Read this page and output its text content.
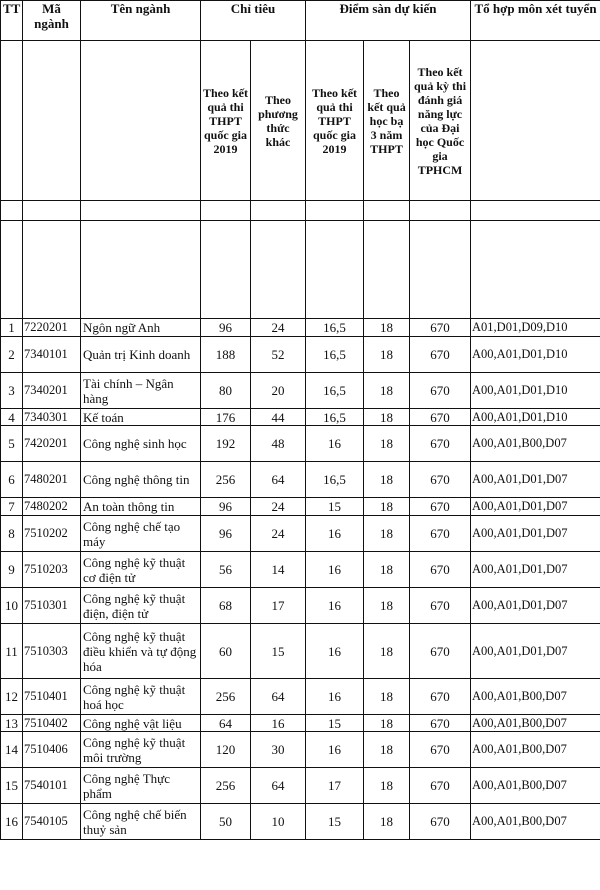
TT	Mã ngành	Tên ngành	Chỉ tiêu		Điểm sàn dự kiến			Tổ hợp môn xét tuyển
			Theo kết quả thi THPT quốc gia 2019	Theo phương thức khác	Theo kết quả thi THPT quốc gia 2019	Theo kết quả học bạ 3 năm THPT	Theo kết quả kỳ thi đánh giá năng lực của Đại học Quốc gia TPHCM	

1	7220201	Ngôn ngữ Anh	96	24	16,5	18	670	A01,D01,D09,D10
2	7340101	Quản trị Kinh doanh	188	52	16,5	18	670	A00,A01,D01,D10
3	7340201	Tài chính – Ngân hàng	80	20	16,5	18	670	A00,A01,D01,D10
4	7340301	Kế toán	176	44	16,5	18	670	A00,A01,D01,D10
5	7420201	Công nghệ sinh học	192	48	16	18	670	A00,A01,B00,D07
6	7480201	Công nghệ thông tin	256	64	16,5	18	670	A00,A01,D01,D07
7	7480202	An toàn thông tin	96	24	15	18	670	A00,A01,D01,D07
8	7510202	Công nghệ chế tạo máy	96	24	16	18	670	A00,A01,D01,D07
9	7510203	Công nghệ kỹ thuật cơ điện tử	56	14	16	18	670	A00,A01,D01,D07
10	7510301	Công nghệ kỹ thuật điện, điện tử	68	17	16	18	670	A00,A01,D01,D07
11	7510303	Công nghệ kỹ thuật điều khiển và tự động hóa	60	15	16	18	670	A00,A01,D01,D07
12	7510401	Công nghệ kỹ thuật hoá học	256	64	16	18	670	A00,A01,B00,D07
13	7510402	Công nghệ vật liệu	64	16	15	18	670	A00,A01,B00,D07
14	7510406	Công nghệ kỹ thuật môi trường	120	30	16	18	670	A00,A01,B00,D07
15	7540101	Công nghệ Thực phẩm	256	64	17	18	670	A00,A01,B00,D07
16	7540105	Công nghệ chế biến thuỷ sản	50	10	15	18	670	A00,A01,B00,D07
